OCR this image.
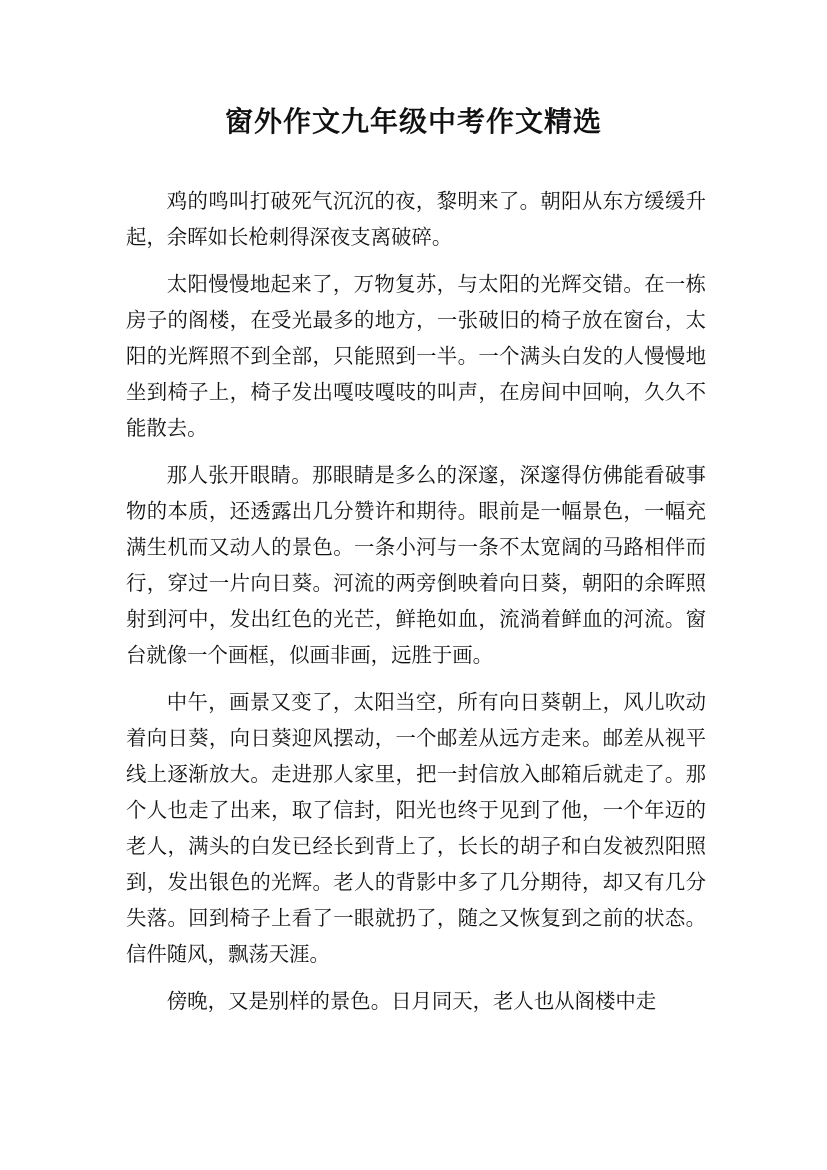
窗外作文九年级中考作文精选

鸡的鸣叫打破死气沉沉的夜，黎明来了。朝阳从东方缓缓升起，余晖如长枪刺得深夜支离破碎。

太阳慢慢地起来了，万物复苏，与太阳的光辉交错。在一栋房子的阁楼，在受光最多的地方，一张破旧的椅子放在窗台，太阳的光辉照不到全部，只能照到一半。一个满头白发的人慢慢地坐到椅子上，椅子发出嘎吱嘎吱的叫声，在房间中回响，久久不能散去。

那人张开眼睛。那眼睛是多么的深邃，深邃得仿佛能看破事物的本质，还透露出几分赞许和期待。眼前是一幅景色，一幅充满生机而又动人的景色。一条小河与一条不太宽阔的马路相伴而行，穿过一片向日葵。河流的两旁倒映着向日葵，朝阳的余晖照射到河中，发出红色的光芒，鲜艳如血，流淌着鲜血的河流。窗台就像一个画框，似画非画，远胜于画。

中午，画景又变了，太阳当空，所有向日葵朝上，风儿吹动着向日葵，向日葵迎风摆动，一个邮差从远方走来。邮差从视平线上逐渐放大。走进那人家里，把一封信放入邮箱后就走了。那个人也走了出来，取了信封，阳光也终于见到了他，一个年迈的老人，满头的白发已经长到背上了，长长的胡子和白发被烈阳照到，发出银色的光辉。老人的背影中多了几分期待，却又有几分失落。回到椅子上看了一眼就扔了，随之又恢复到之前的状态。信件随风，飘荡天涯。

傍晚，又是别样的景色。日月同天，老人也从阁楼中走
